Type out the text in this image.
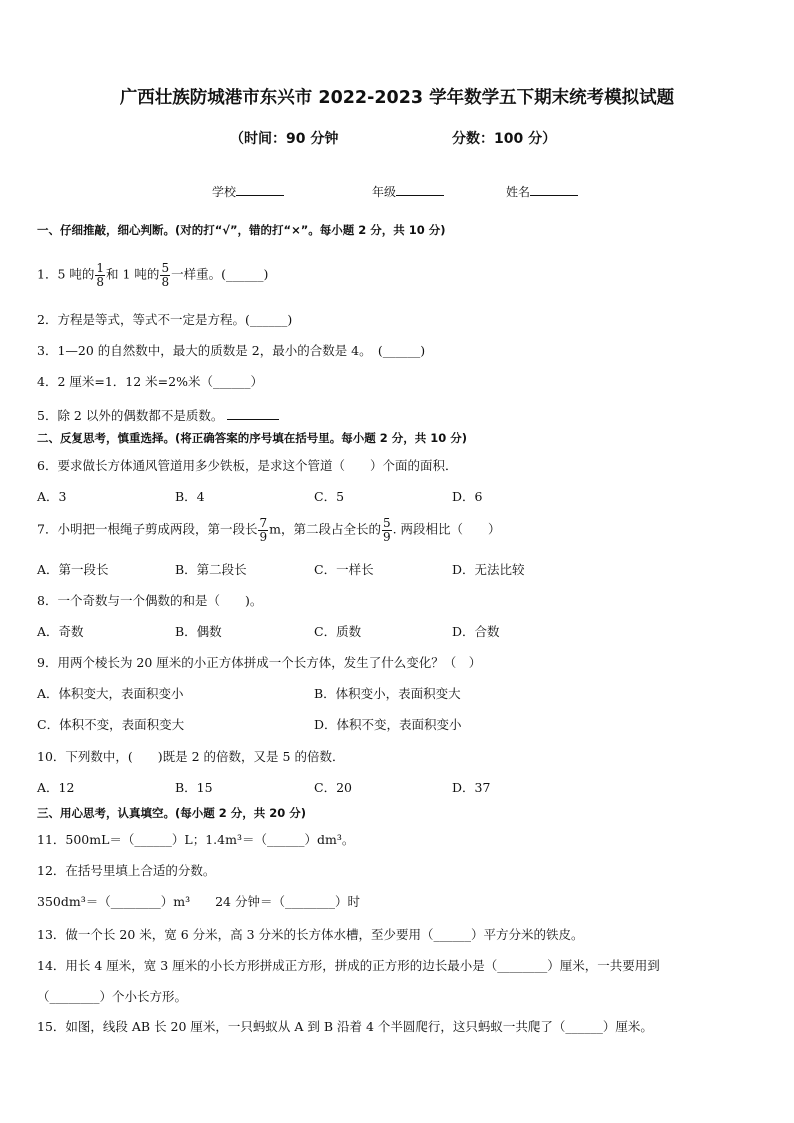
广西壮族防城港市东兴市 2022-2023 学年数学五下期末统考模拟试题
（时间：90 分钟	分数：100 分）
学校	年级	姓名
一、仔细推敲，细心判断。(对的打“√”，错的打“×”。每小题 2 分，共 10 分)
1．5 吨的 $\frac{1}{8}$ 和 1 吨的 $\frac{5}{8}$ 一样重。(______)
2．方程是等式，等式不一定是方程。(______)
3．1—20 的自然数中，最大的质数是 2，最小的合数是 4。　(______)
4．2 厘米=1．12 米=2%米（______）
5．除 2 以外的偶数都不是质数。
二、反复思考，慎重选择。(将正确答案的序号填在括号里。每小题 2 分，共 10 分)
6．要求做长方体通风管道用多少铁板，是求这个管道（　　）个面的面积．
A．3	B．4	C．5	D．6
7．小明把一根绳子剪成两段，第一段长 $\frac{7}{9}$ m，第二段占全长的 $\frac{5}{9}$ . 两段相比（　　）
A．第一段长	B．第二段长	C．一样长	D．无法比较
8．一个奇数与一个偶数的和是（　　)。
A．奇数	B．偶数	C．质数	D．合数
9．用两个棱长为 20 厘米的小正方体拼成一个长方体，发生了什么变化？（　）
A．体积变大，表面积变小	B．体积变小，表面积变大
C．体积不变，表面积变大	D．体积不变，表面积变小
10．下列数中，(　　)既是 2 的倍数，又是 5 的倍数．
A．12	B．15	C．20	D．37
三、用心思考，认真填空。(每小题 2 分，共 20 分)
11．500mL＝（______）L；1.4m³＝（______）dm³。
12．在括号里填上合适的分数。
350dm³＝（________）m³　　24 分钟＝（________）时
13．做一个长 20 米，宽 6 分米，高 3 分米的长方体水槽，至少要用（______）平方分米的铁皮。
14．用长 4 厘米，宽 3 厘米的小长方形拼成正方形，拼成的正方形的边长最小是（________）厘米，一共要用到
（________）个小长方形。
15．如图，线段 AB 长 20 厘米，一只蚂蚁从 A 到 B 沿着 4 个半圆爬行，这只蚂蚁一共爬了（______）厘米。
